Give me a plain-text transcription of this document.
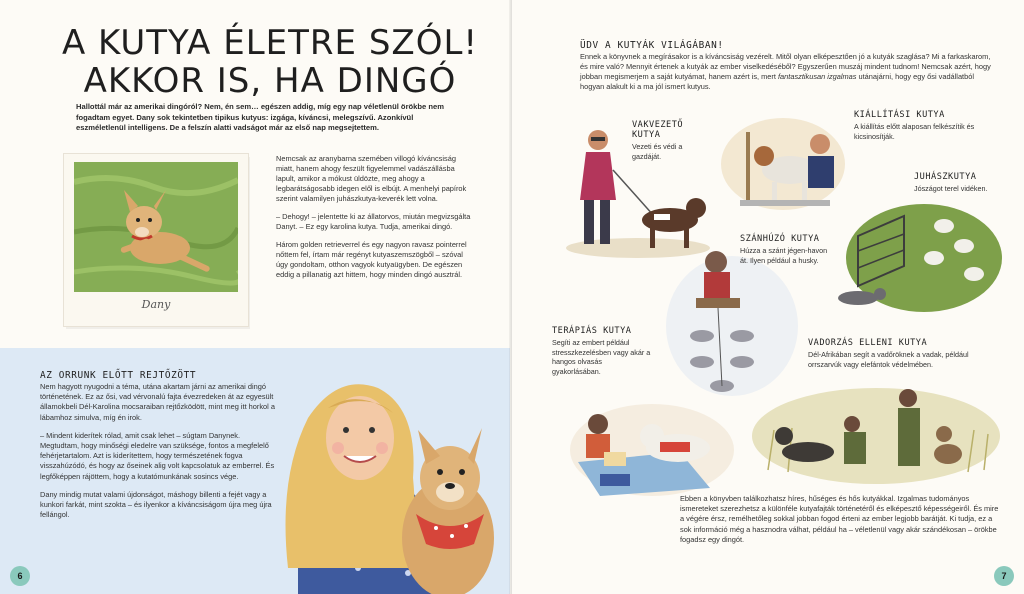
A KUTYA ÉLETRE SZÓL!
AKKOR IS, HA DINGÓ

Hallottál már az amerikai dingóról? Nem, én sem… egészen addig, míg egy nap véletlenül örökbe nem fogadtam egyet. Dany sok tekintetben tipikus kutyus: izgága, kíváncsi, melegszívű. Azonkívül eszméletlenül intelligens. De a felszín alatti vadságot már az első nap megsejtettem.

Dany

Nemcsak az aranybarna szemében villogó kíváncsiság miatt, hanem ahogy feszült figyelemmel vadászállásba lapult, amikor a mókust üldözte, meg ahogy a legbarátságosabb idegen elől is elbújt. A menhelyi papírok szerint valamilyen juhászkutya-keverék lett volna.

– Dehogy! – jelentette ki az állatorvos, miután megvizsgálta Danyt. – Ez egy karolina kutya. Tudja, amerikai dingó.

Három golden retrieverrel és egy nagyon ravasz pointerrel nőttem fel, írtam már regényt kutyaszemszögből – szóval úgy gondoltam, otthon vagyok kutyaügyben. De egészen eddig a pillanatig azt hittem, hogy minden dingó ausztrál.

AZ ORRUNK ELŐTT REJTŐZÖTT

Nem hagyott nyugodni a téma, utána akartam járni az amerikai dingó történetének. Ez az ősi, vad vérvonalú fajta évezredeken át az egyesült államokbeli Dél-Karolina mocsaraiban rejtőzködött, mint meg itt horkol a lábamhoz simulva, míg én irok.

– Mindent kiderítek rólad, amit csak lehet – súgtam Danynek. Megtudtam, hogy minőségi eledelre van szüksége, fontos a megfelelő fehérjetartalom. Azt is kiderítettem, hogy természetének fogva visszahúzódó, és hogy az őseinek alig volt kapcsolatuk az emberrel. És legfőképpen rájöttem, hogy a kutatómunkának sosincs vége.

Dany mindig mutat valami újdonságot, máshogy billenti a fejét vagy a kunkori farkát, mint szokta – és ilyenkor a kíváncsiságom újra meg újra fellángol.

6
ÜDV A KUTYÁK VILÁGÁBAN!

Ennek a könyvnek a megírásakor is a kíváncsiság vezérelt. Mitől olyan elképesztően jó a kutyák szaglása? Mi a farkaskarom, és mire való? Mennyit értenek a kutyák az ember viselkedéséből? Egyszerűen muszáj mindent tudnom! Nemcsak azért, hogy jobban megismerjem a saját kutyámat, hanem azért is, mert fantasztikusan izgalmas utánajárni, hogy egy ősi vadállatból hogyan alakult ki a ma jól ismert kutyus.

VAKVEZETŐ KUTYA
Vezeti és védi a gazdáját.
KIÁLLÍTÁSI KUTYA
A kiállítás előtt alaposan felkészítik és kicsinosítják.
JUHÁSZKUTYA
Jószágot terel vidéken.
SZÁNHÚZÓ KUTYA
Húzza a szánt jégen-havon át. Ilyen például a husky.
TERÁPIÁS KUTYA
Segíti az embert például stresszkezelésben vagy akár a hangos olvasás gyakorlásában.
VADORZÁS ELLENI KUTYA
Dél-Afrikában segít a vadőröknek a vadak, például orrszarvúk vagy elefántok védelmében.

Ebben a könyvben találkozhatsz híres, hűséges és hős kutyákkal. Izgalmas tudományos ismereteket szerezhetsz a különféle kutyafajták történetéről és elképesztő képességeiről. És mire a végére érsz, remélhetőleg sokkal jobban fogod érteni az ember legjobb barátját. Ki tudja, ez a sok információ még a hasznodra válhat, például ha – véletlenül vagy akár szándékosan – örökbe fogadsz egy dingót.

7
